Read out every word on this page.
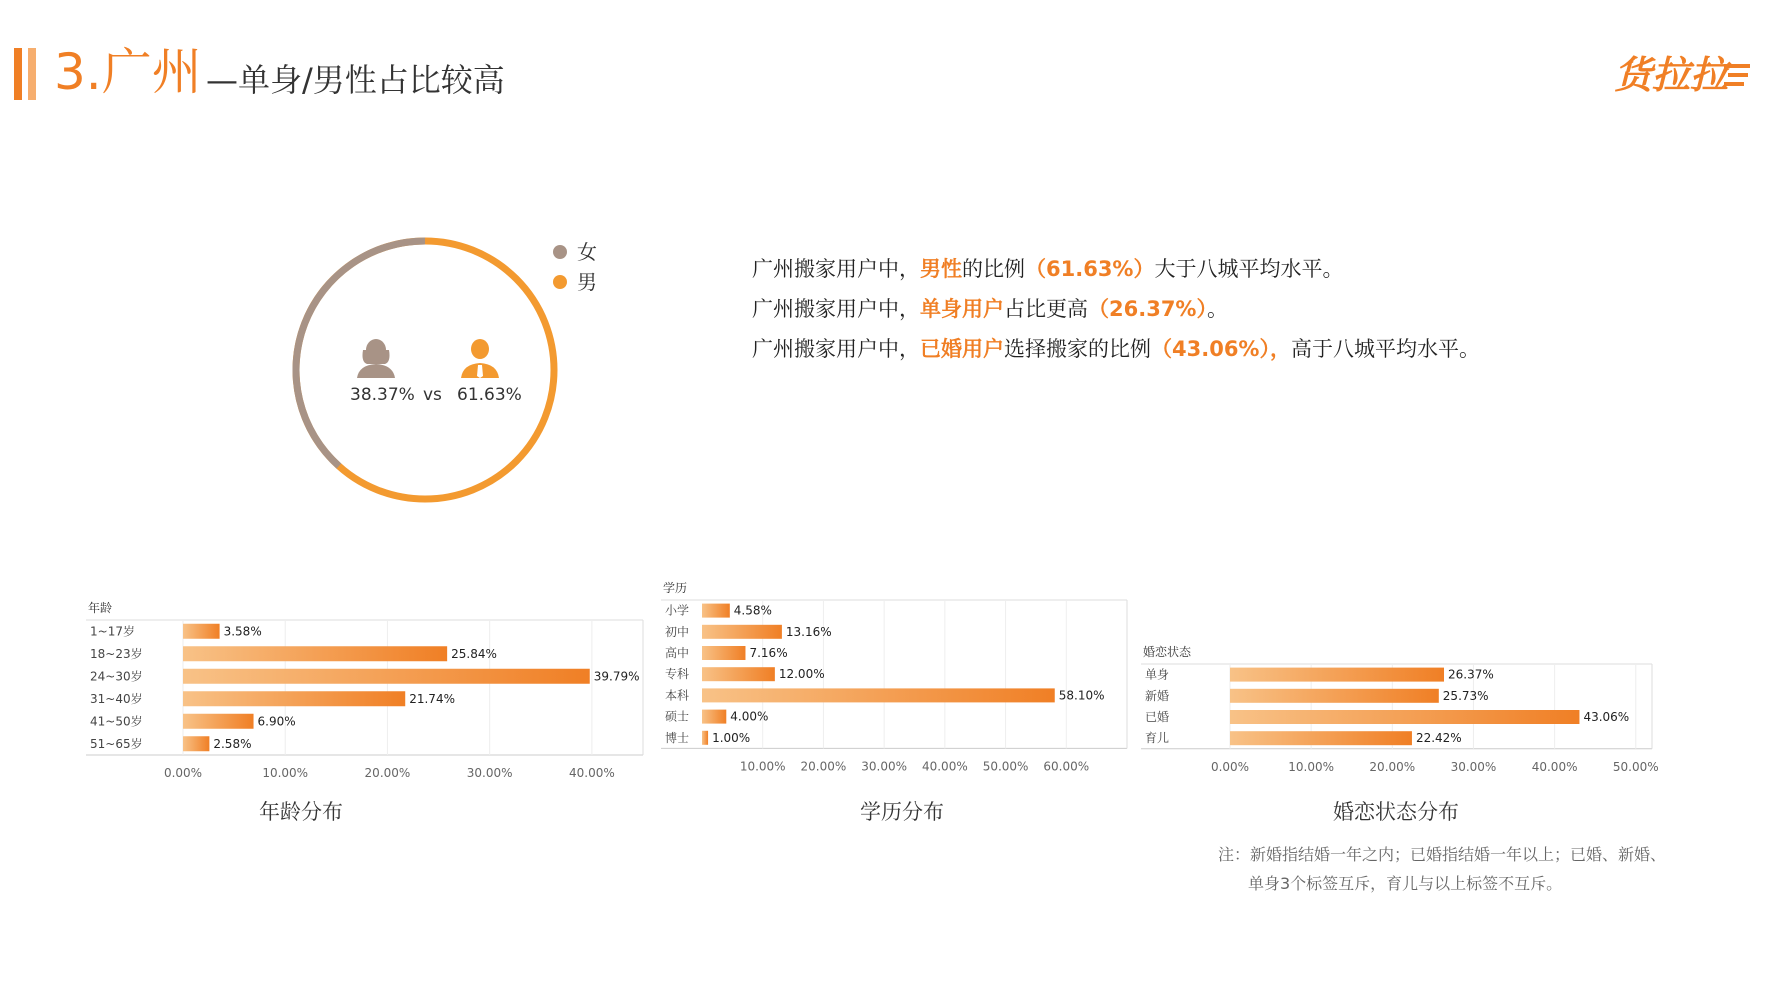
3.广州 —单身/男性占比较高	货拉拉
女
男
38.37% vs 61.63%
广州搬家用户中，男性的比例（61.63%）大于八城平均水平。
广州搬家用户中，单身用户占比更高（26.37%）。
广州搬家用户中，已婚用户选择搬家的比例（43.06%），高于八城平均水平。
年龄
0.00%	10.00%	20.00%	30.00%	40.00%
1~17岁	3.58%
18~23岁	25.84%
24~30岁	39.79%
31~40岁	21.74%
41~50岁	6.90%
51~65岁	2.58%
学历
10.00% 20.00% 30.00% 40.00% 50.00% 60.00%
小学	4.58%
初中	13.16%
高中	7.16%
专科	12.00%
本科	58.10%
硕士	4.00%
博士 1.00%
婚恋状态
0.00%	10.00%	20.00%	30.00%	40.00%	50.00%
单身	26.37%
新婚	25.73%
已婚	43.06%
育儿	22.42%
年龄分布	学历分布	婚恋状态分布
注：新婚指结婚一年之内；已婚指结婚一年以上；已婚、新婚、
单身3个标签互斥，育儿与以上标签不互斥。
